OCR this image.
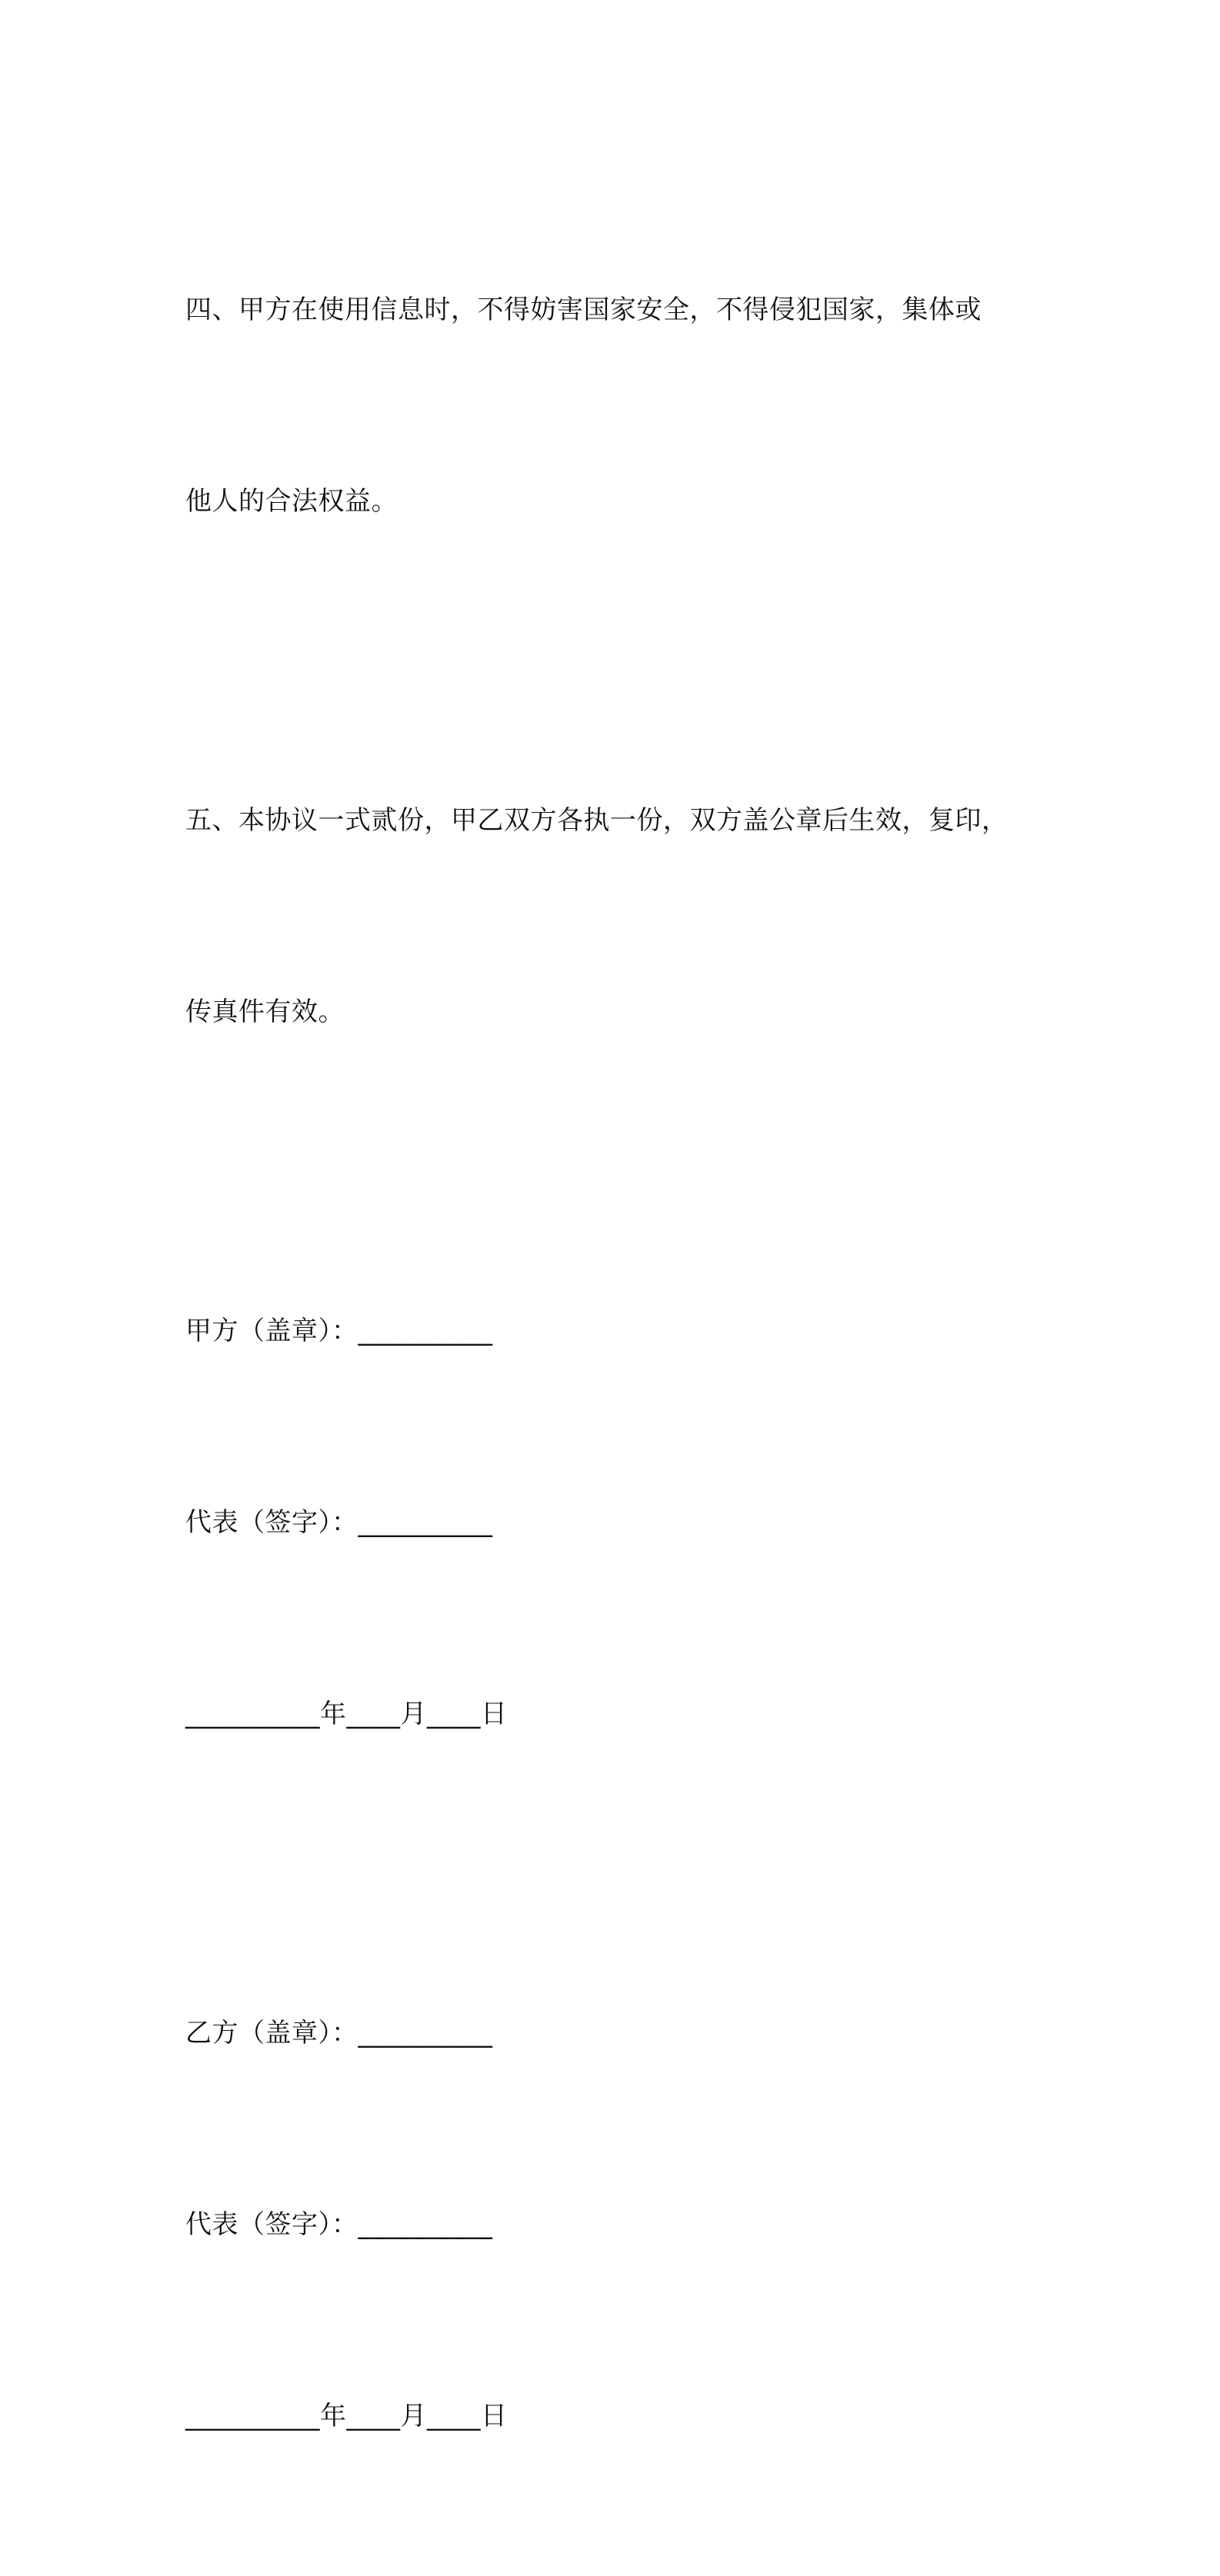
四、甲方在使用信息时，不得妨害国家安全，不得侵犯国家，集体或

他人的合法权益。

五、本协议一式贰份，甲乙双方各执一份，双方盖公章后生效，复印，

传真件有效。

甲方（盖章）：__________

代表（签字）：__________

__________年____月____日

乙方（盖章）：__________

代表（签字）：__________

__________年____月____日
